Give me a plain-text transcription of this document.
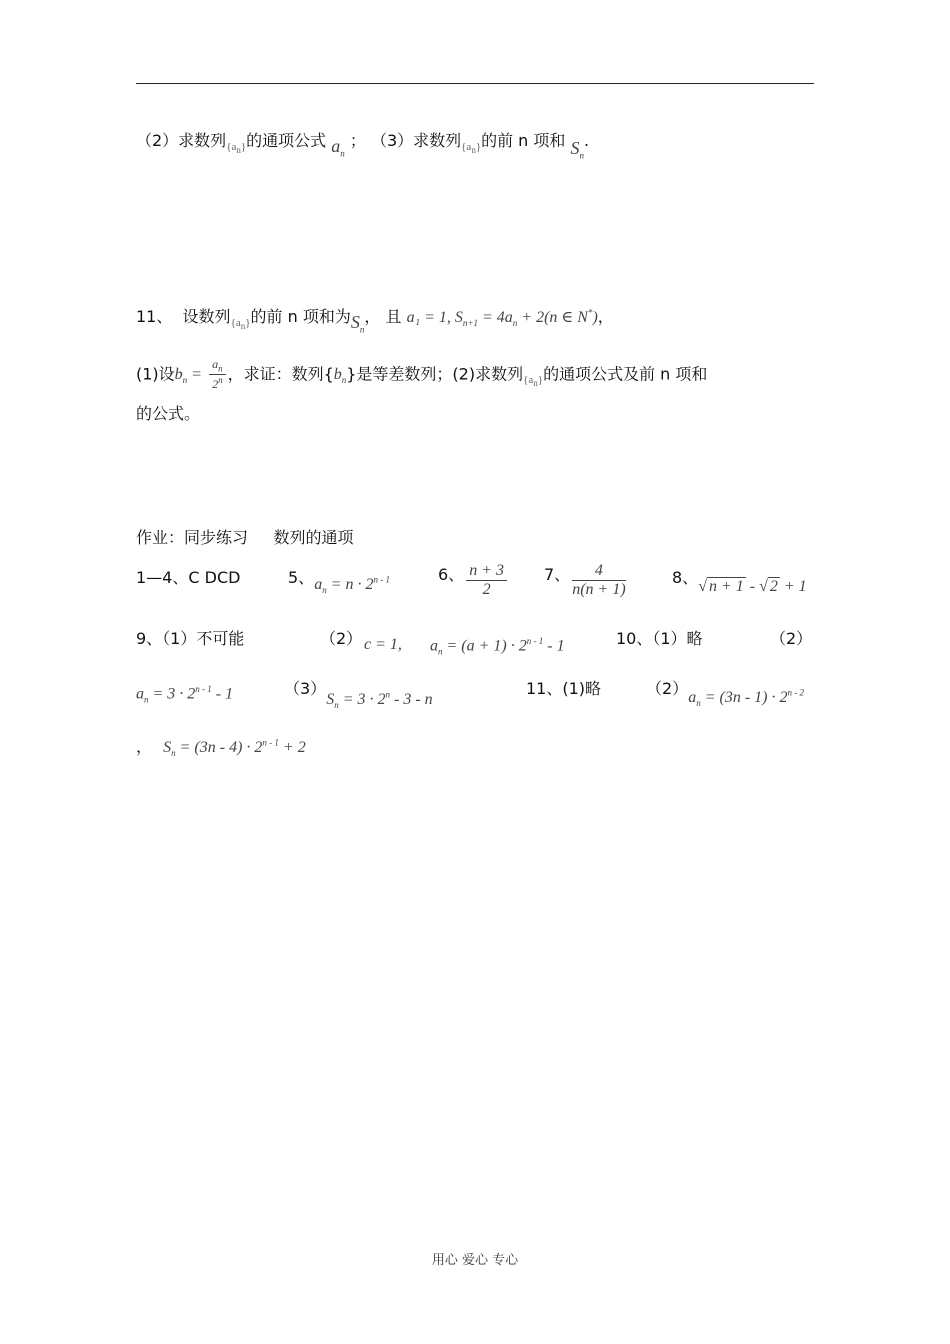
（2）求数列$_{\{a_n\}}$的通项公式 $a_n$ ； （3）求数列$_{\{a_n\}}$的前 n 项和 $S_n$.
11、 设数列$_{\{a_n\}}$的前 n 项和为$S_n$， 且 a₁ = 1, $S_{n+1} = 4a_n + 2(n$ ∈ N*)，
(1)设$b_n = \frac{a_n}{2^n}$ ，求证：数列$\{b_n\}$是等差数列；(2)求数列$_{\{a_n\}}$的通项公式及前 n 项和
的公式。
作业：同步练习 数列的通项
1—4、C DCD	5、$a_n = n \cdot 2^{n - 1}$	6、 $\frac{n + 3}{2} 7$、 $\frac{4}{n(n + 1)}$	8、√ n + 1 - √ 2 + 1
9、（1）不可能	（2） c = 1, $a_n = (a + 1) \cdot 2^{n - 1} - 1$	10、（1）略	（2）
$a_n = 3 \cdot 2^{n - 1} - 1$	$(3)S_n = 3 \cdot 2^n - 3 - n$
11、(1)略	$(2)a_n = (3n - 1) \cdot 2^{n - 2}$
， $S_n = (3n - 4) \cdot 2^{n - 1} + 2$
用心 爱心 专心
